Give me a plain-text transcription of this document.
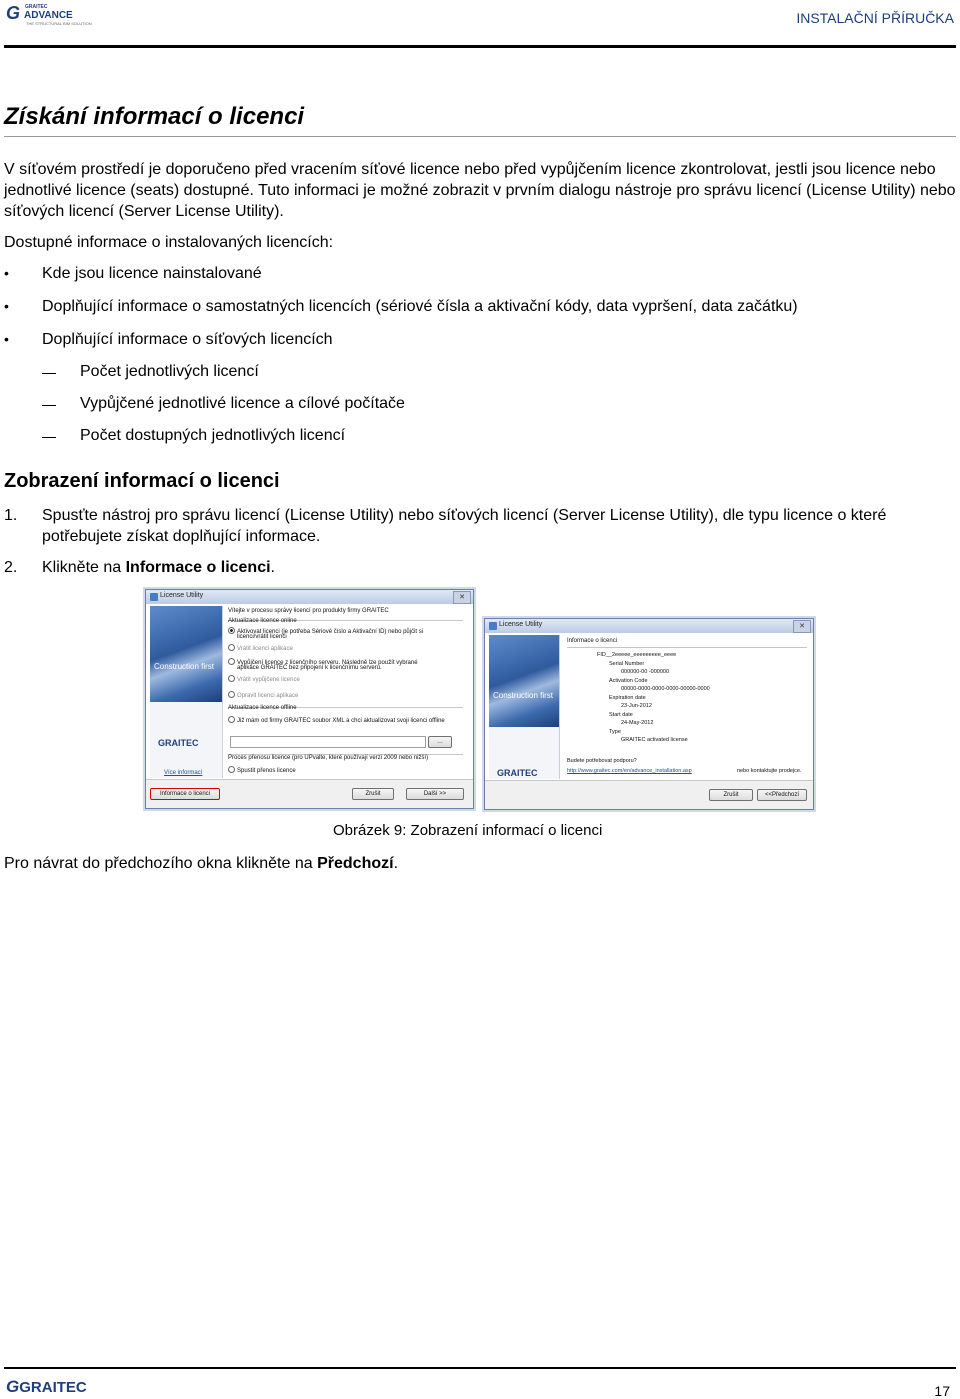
G GRAITEC
ADVANCE
THE STRUCTURAL BIM SOLUTION	INSTALAČNÍ PŘÍRUČKA
Získání informací o licenci

V síťovém prostředí je doporučeno před vracením síťové licence nebo před vypůjčením licence zkontrolovat, jestli jsou licence nebo jednotlivé licence (seats) dostupné. Tuto informaci je možné zobrazit v prvním dialogu nástroje pro správu licencí (License Utility) nebo síťových licencí (Server License Utility).

Dostupné informace o instalovaných licencích:

• Kde jsou licence nainstalované
• Doplňující informace o samostatných licencích (sériové čísla a aktivační kódy, data vypršení, data začátku)
• Doplňující informace o síťových licencích
Počet jednotlivých licencí
Vypůjčené jednotlivé licence a cílové počítače
Počet dostupných jednotlivých licencí
Zobrazení informací o licenci
1. Spusťte nástroj pro správu licencí (License Utility) nebo síťových licencí (Server License Utility), dle typu licence o které potřebujete získat doplňující informace.
2. Klikněte na Informace o licenci.
License Utility	✕
Construction first
GRAITEC
Více informací
Vítejte v procesu správy licencí pro produkty firmy GRAITEC
Aktualizace licence online
Aktivovat licenci (je potřeba Sériové číslo a Aktivační ID) nebo půjčit si
licenci/vrátit licenci
Vrátit licenci aplikace
Vypůjčení licence z licenčního serveru. Následně lze použít vybrané
aplikace GRAITEC bez připojení k licenčnímu serveru.
Vrátit vypůjčené licence
Opravit licenci aplikace
Aktualizace licence offline
Již mám od firmy GRAITEC soubor XML a chci aktualizovat svoji licenci offline
…
Proces přenosu licence (pro UPvalte, které používají verzi 2009 nebo nižší)
Spustit přenos licence
Informace o licenci	Zrušit	Další >>
License Utility	✕
Construction first
GRAITEC
Informace o licenci
FID__2eeeee_eeeeeeeee_eeee
Serial Number
000000-00 -000000
Activation Code
00000-0000-0000-0000-00000-0000
Expiration date
23-Jun-2012
Start date
24-May-2012
Type
GRAITEC activated license
Budete potřebovat podporu?
http://www.graitec.com/en/advance_installation.asp	nebo kontaktujte prodejce.
Zrušit	<<Předchozí
Obrázek 9: Zobrazení informací o licenci

Pro návrat do předchozího okna klikněte na Předchozí.

GGRAITEC	17
